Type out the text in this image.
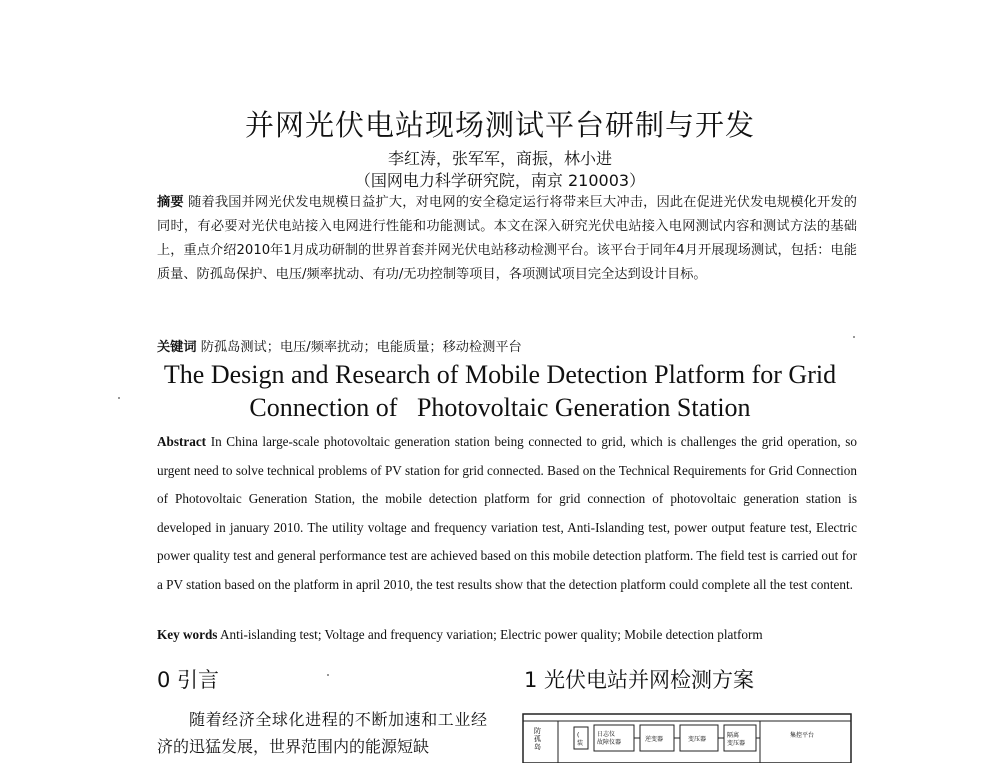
并网光伏电站现场测试平台研制与开发
李红涛，张军军，商振，林小进
（国网电力科学研究院，南京 210003）
摘要 随着我国并网光伏发电规模日益扩大，对电网的安全稳定运行将带来巨大冲击，因此在促进光伏发电规模化开发的同时，有必要对光伏电站接入电网进行性能和功能测试。本文在深入研究光伏电站接入电网测试内容和测试方法的基础上，重点介绍2010年1月成功研制的世界首套并网光伏电站移动检测平台。该平台于同年4月开展现场测试，包括：电能质量、防孤岛保护、电压/频率扰动、有功/无功控制等项目，各项测试项目完全达到设计目标。
关键词 防孤岛测试；电压/频率扰动；电能质量；移动检测平台
The Design and Research of Mobile Detection Platform for Grid
Connection of   Photovoltaic Generation Station
Abstract In China large-scale photovoltaic generation station being connected to grid, which is challenges the grid operation, so urgent need to solve technical problems of PV station for grid connected. Based on the Technical Requirements for Grid Connection of Photovoltaic Generation Station, the mobile detection platform for grid connection of photovoltaic generation station is developed in january 2010. The utility voltage and frequency variation test, Anti-Islanding test, power output feature test, Electric power quality test and general performance test are achieved based on this mobile detection platform. The field test is carried out for a PV station based on the platform in april 2010, the test results show that the detection platform could complete all the test content.
Key words Anti-islanding test; Voltage and frequency variation; Electric power quality; Mobile detection platform
0 引言	1 光伏电站并网检测方案
随着经济全球化进程的不断加速和工业经济的迅猛发展，世界范围内的能源短缺
防孤岛
(装
日志仪故障仪器	逆变器	变压器
隔离变压器
集控平台
